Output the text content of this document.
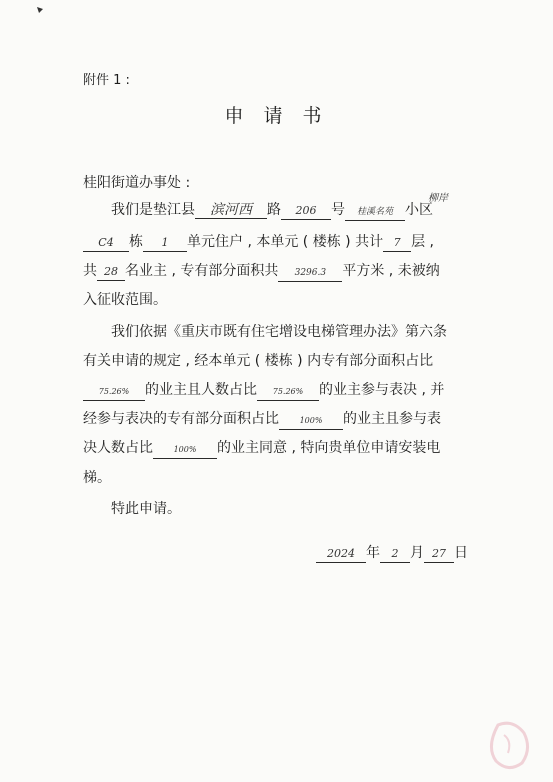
附件 1 :
申 请 书
桂阳街道办事处 :
我们是垫江县 滨河西 路 206 号 桂溪名苑 小区
柳岸
C4 栋 1 单元住户 , 本单元 ( 楼栋 ) 共计 7 层 ,
共 28 名业主 , 专有部分面积共 3296.3 平方米 , 未被纳
入征收范围。
我们依据《重庆市既有住宅增设电梯管理办法》第六条
有关申请的规定 , 经本单元 ( 楼栋 ) 内专有部分面积占比
75.26% 的业主且人数占比 75.26% 的业主参与表决 , 并
经参与表决的专有部分面积占比	100% 的业主且参与表
决人数占比	100% 的业主同意 , 特向贵单位申请安装电
梯。
特此申请。
2024 年 2 月 27 日
